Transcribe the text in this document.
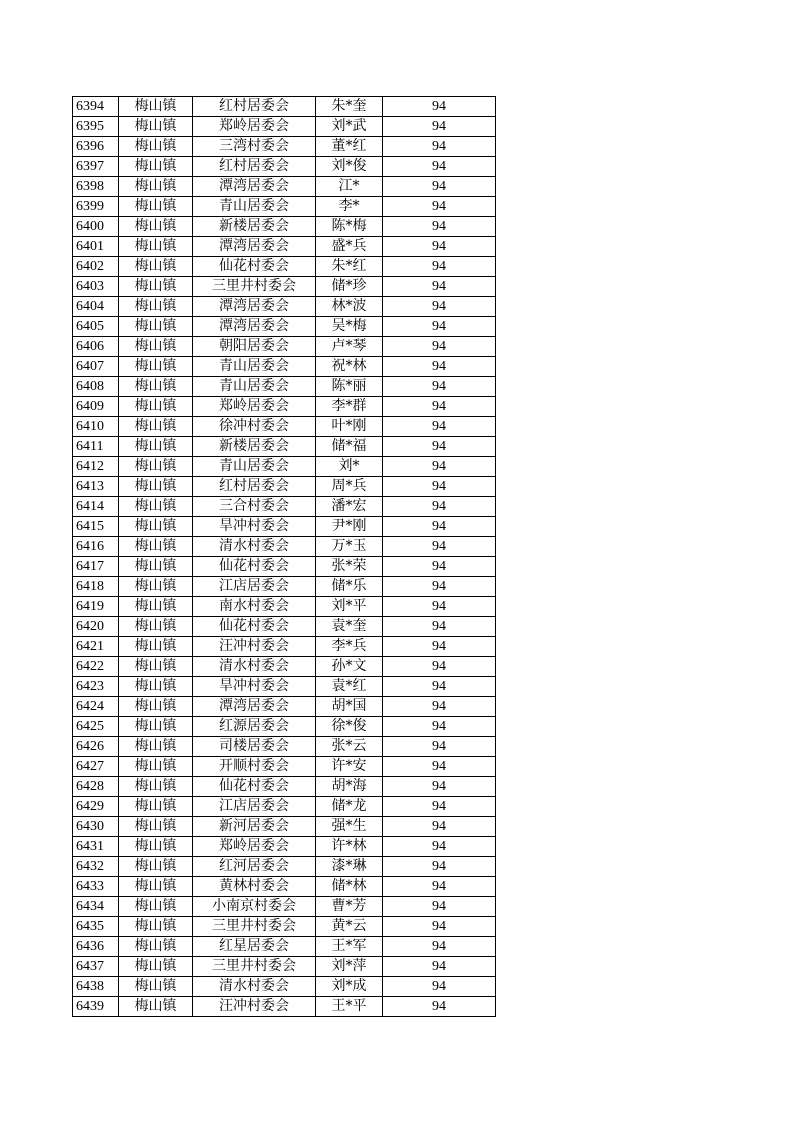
6394	梅山镇	红村居委会	朱*奎	94
6395	梅山镇	郑岭居委会	刘*武	94
6396	梅山镇	三湾村委会	董*红	94
6397	梅山镇	红村居委会	刘*俊	94
6398	梅山镇	潭湾居委会	江*	94
6399	梅山镇	青山居委会	李*	94
6400	梅山镇	新楼居委会	陈*梅	94
6401	梅山镇	潭湾居委会	盛*兵	94
6402	梅山镇	仙花村委会	朱*红	94
6403	梅山镇	三里井村委会	储*珍	94
6404	梅山镇	潭湾居委会	林*波	94
6405	梅山镇	潭湾居委会	吴*梅	94
6406	梅山镇	朝阳居委会	卢*琴	94
6407	梅山镇	青山居委会	祝*林	94
6408	梅山镇	青山居委会	陈*丽	94
6409	梅山镇	郑岭居委会	李*群	94
6410	梅山镇	徐冲村委会	叶*刚	94
6411	梅山镇	新楼居委会	储*福	94
6412	梅山镇	青山居委会	刘*	94
6413	梅山镇	红村居委会	周*兵	94
6414	梅山镇	三合村委会	潘*宏	94
6415	梅山镇	旱冲村委会	尹*刚	94
6416	梅山镇	清水村委会	万*玉	94
6417	梅山镇	仙花村委会	张*荣	94
6418	梅山镇	江店居委会	储*乐	94
6419	梅山镇	南水村委会	刘*平	94
6420	梅山镇	仙花村委会	袁*奎	94
6421	梅山镇	汪冲村委会	李*兵	94
6422	梅山镇	清水村委会	孙*文	94
6423	梅山镇	旱冲村委会	袁*红	94
6424	梅山镇	潭湾居委会	胡*国	94
6425	梅山镇	红源居委会	徐*俊	94
6426	梅山镇	司楼居委会	张*云	94
6427	梅山镇	开顺村委会	许*安	94
6428	梅山镇	仙花村委会	胡*海	94
6429	梅山镇	江店居委会	储*龙	94
6430	梅山镇	新河居委会	强*生	94
6431	梅山镇	郑岭居委会	许*林	94
6432	梅山镇	红河居委会	漆*琳	94
6433	梅山镇	黄林村委会	储*林	94
6434	梅山镇	小南京村委会	曹*芳	94
6435	梅山镇	三里井村委会	黄*云	94
6436	梅山镇	红星居委会	王*军	94
6437	梅山镇	三里井村委会	刘*萍	94
6438	梅山镇	清水村委会	刘*成	94
6439	梅山镇	汪冲村委会	王*平	94
